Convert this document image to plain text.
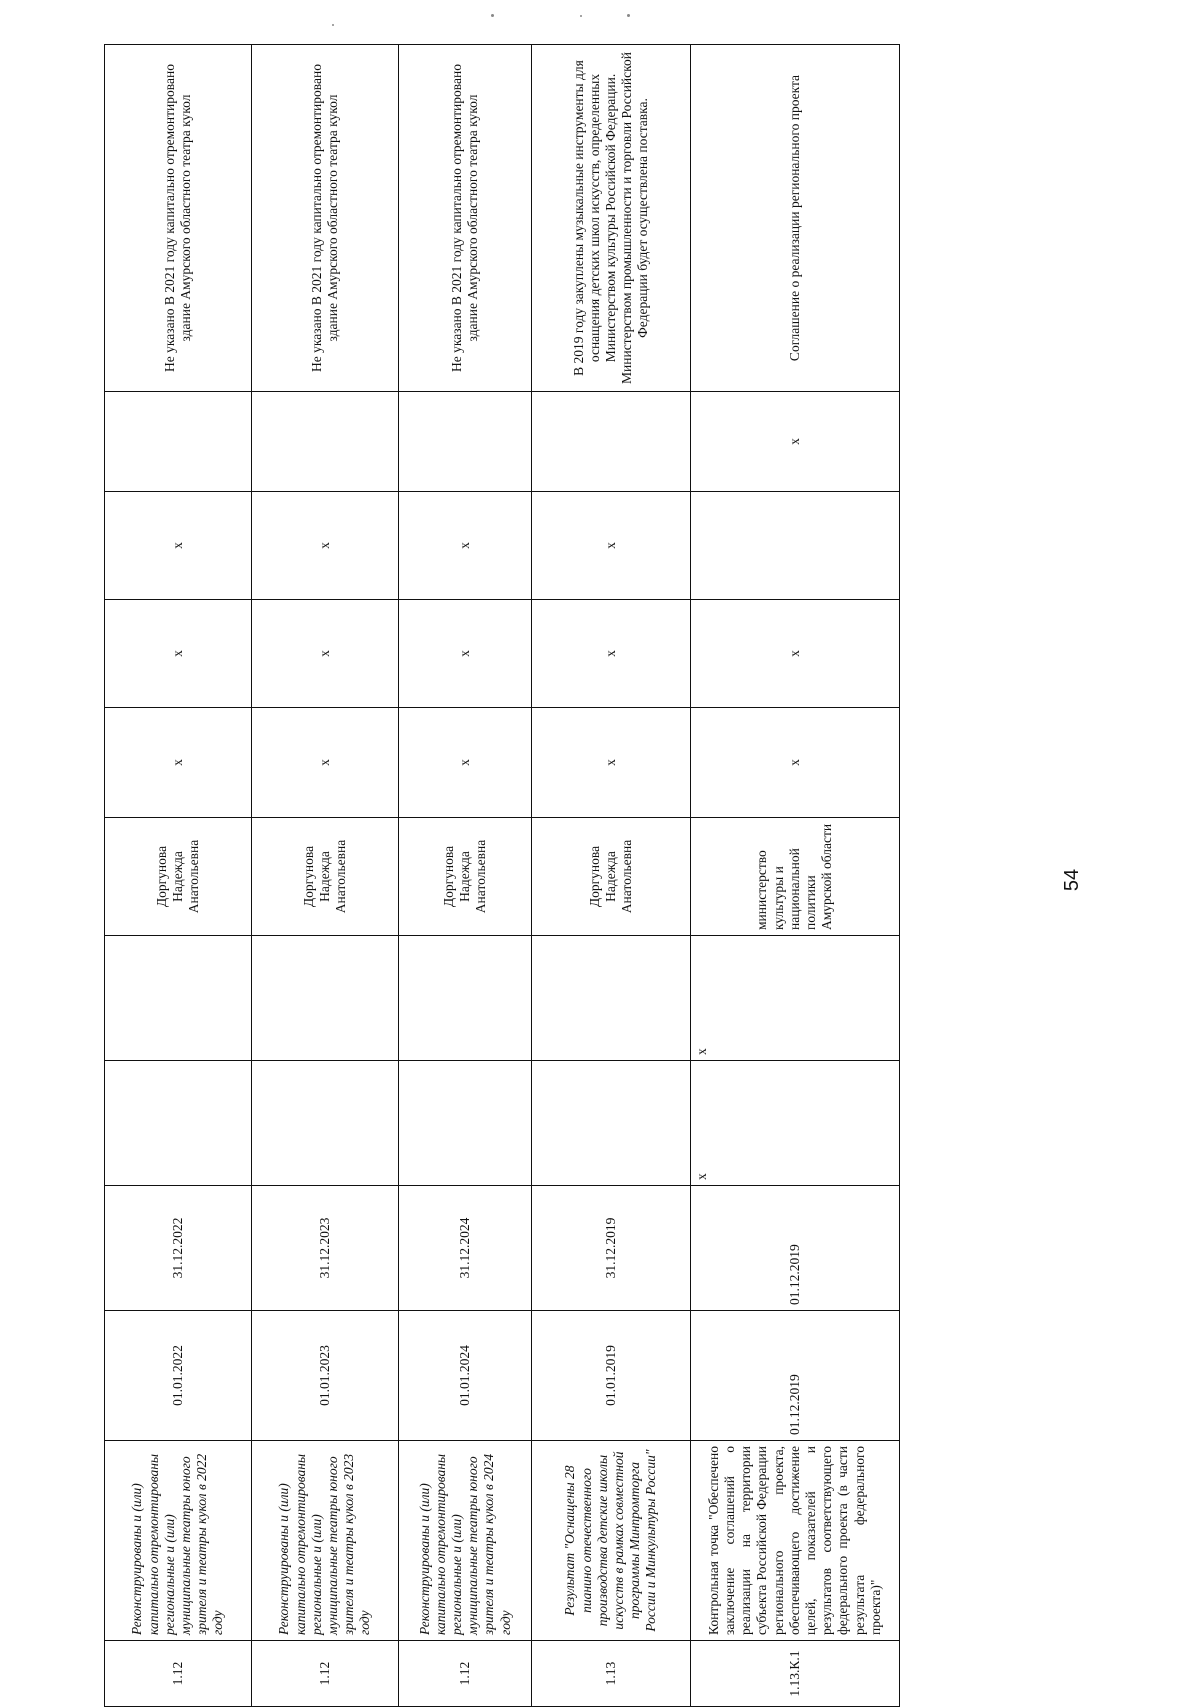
1.12	Реконструированы и (или) капитально отремонтированы региональные и (или) муниципальные театры юного зрителя и театры кукол в 2022 году	01.01.2022	31.12.2022			Доргунова Надежда Анатольевна	x	x	x		Не указано В 2021 году капитально отремонтировано здание Амурского областного театра кукол
1.12	Реконструированы и (или) капитально отремонтированы региональные и (или) муниципальные театры юного зрителя и театры кукол в 2023 году	01.01.2023	31.12.2023			Доргунова Надежда Анатольевна	x	x	x		Не указано В 2021 году капитально отремонтировано здание Амурского областного театра кукол
1.12	Реконструированы и (или) капитально отремонтированы региональные и (или) муниципальные театры юного зрителя и театры кукол в 2024 году	01.01.2024	31.12.2024			Доргунова Надежда Анатольевна	x	x	x		Не указано В 2021 году капитально отремонтировано здание Амурского областного театра кукол
1.13	Результат "Оснащены 28 пианино отечественного производства детские школы искусств в рамках совместной программы Минпромторга России и Минкультуры России"	01.01.2019	31.12.2019			Доргунова Надежда Анатольевна	x	x	x		В 2019 году закуплены музыкальные инструменты для оснащения детских школ искусств, определенных Министерством культуры Российской Федерации. Министерством промышленности и торговли Российской Федерации будет осуществлена поставка.
1.13.К.1	Контрольная точка "Обеспечено заключение соглашений о реализации на территории субъекта Российской Федерации регионального проекта, обеспечивающего достижение целей, показателей и результатов соответствующего федерального проекта (в части результата федерального проекта)"	01.12.2019	01.12.2019	x	x	министерство культуры и национальной политики Амурской области	x	x		x	Соглашение о реализации регионального проекта
54
